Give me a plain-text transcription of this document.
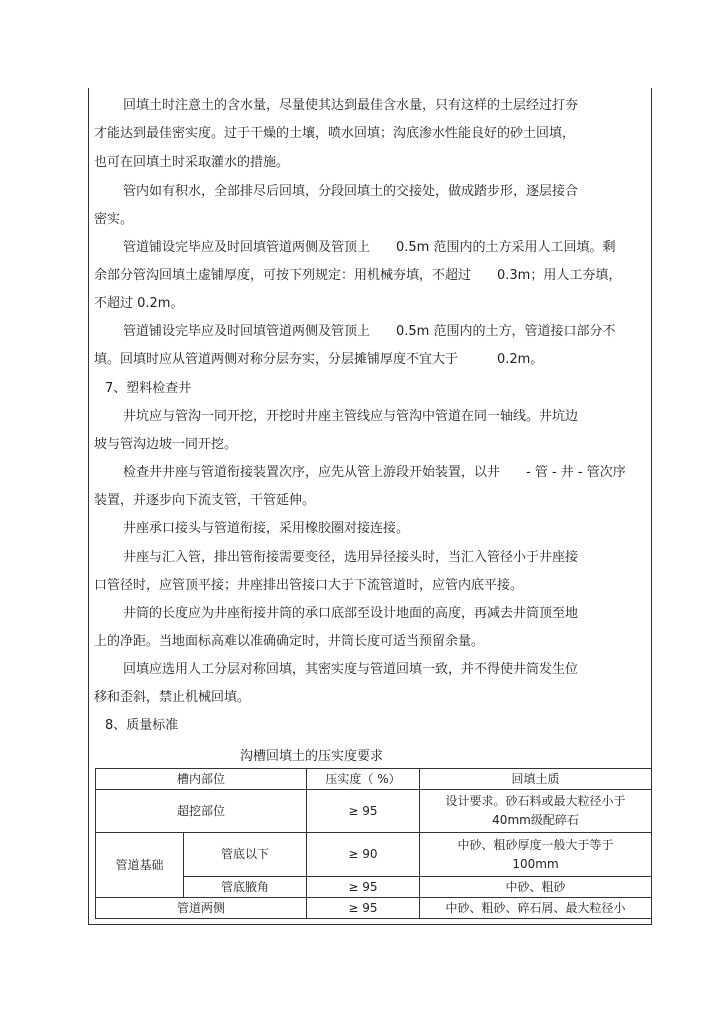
回填土时注意土的含水量，尽量使其达到最佳含水量，只有这样的土层经过打夯
才能达到最佳密实度。过于干燥的土壤，喷水回填；沟底渗水性能良好的砂土回填，
也可在回填土时采取灌水的措施。
管内如有积水，全部排尽后回填，分段回填土的交接处，做成踏步形，逐层接合
密实。
管道铺设完毕应及时回填管道两侧及管顶上　　0.5m 范围内的土方采用人工回填。剩
余部分管沟回填土虚铺厚度，可按下列规定：用机械夯填，不超过　　0.3m；用人工夯填，
不超过 0.2m。
管道铺设完毕应及时回填管道两侧及管顶上　　0.5m 范围内的土方，管道接口部分不
填。回填时应从管道两侧对称分层夯实，分层摊铺厚度不宜大于　　　0.2m。
7、塑料检查井
井坑应与管沟一同开挖，开挖时井座主管线应与管沟中管道在同一轴线。井坑边
坡与管沟边坡一同开挖。
检查井井座与管道衔接装置次序，应先从管上游段开始装置，以井　　- 管 - 井 - 管次序
装置，并逐步向下流支管，干管延伸。
井座承口接头与管道衔接，采用橡胶圈对接连接。
井座与汇入管，排出管衔接需要变径，选用异径接头时，当汇入管径小于井座接
口管径时，应管顶平接；井座排出管接口大于下流管道时，应管内底平接。
井筒的长度应为井座衔接井筒的承口底部至设计地面的高度，再减去井筒顶至地
上的净距。当地面标高难以准确确定时，井筒长度可适当预留余量。
回填应选用人工分层对称回填，其密实度与管道回填一致，并不得使井筒发生位
移和歪斜，禁止机械回填。
8、质量标准
沟槽回填土的压实度要求
槽内部位		压实度（ %）	回填土质
超挖部位		≥ 95	设计要求。砂石料或最大粒径小于
40mm级配碎石

管道基础	管底以下	≥ 90	中砂、粗砂厚度一般大于等于
100mm

	管底腋角	≥ 95	中砂、粗砂
管道两侧		≥ 95	中砂、粗砂、碎石屑、最大粒径小
